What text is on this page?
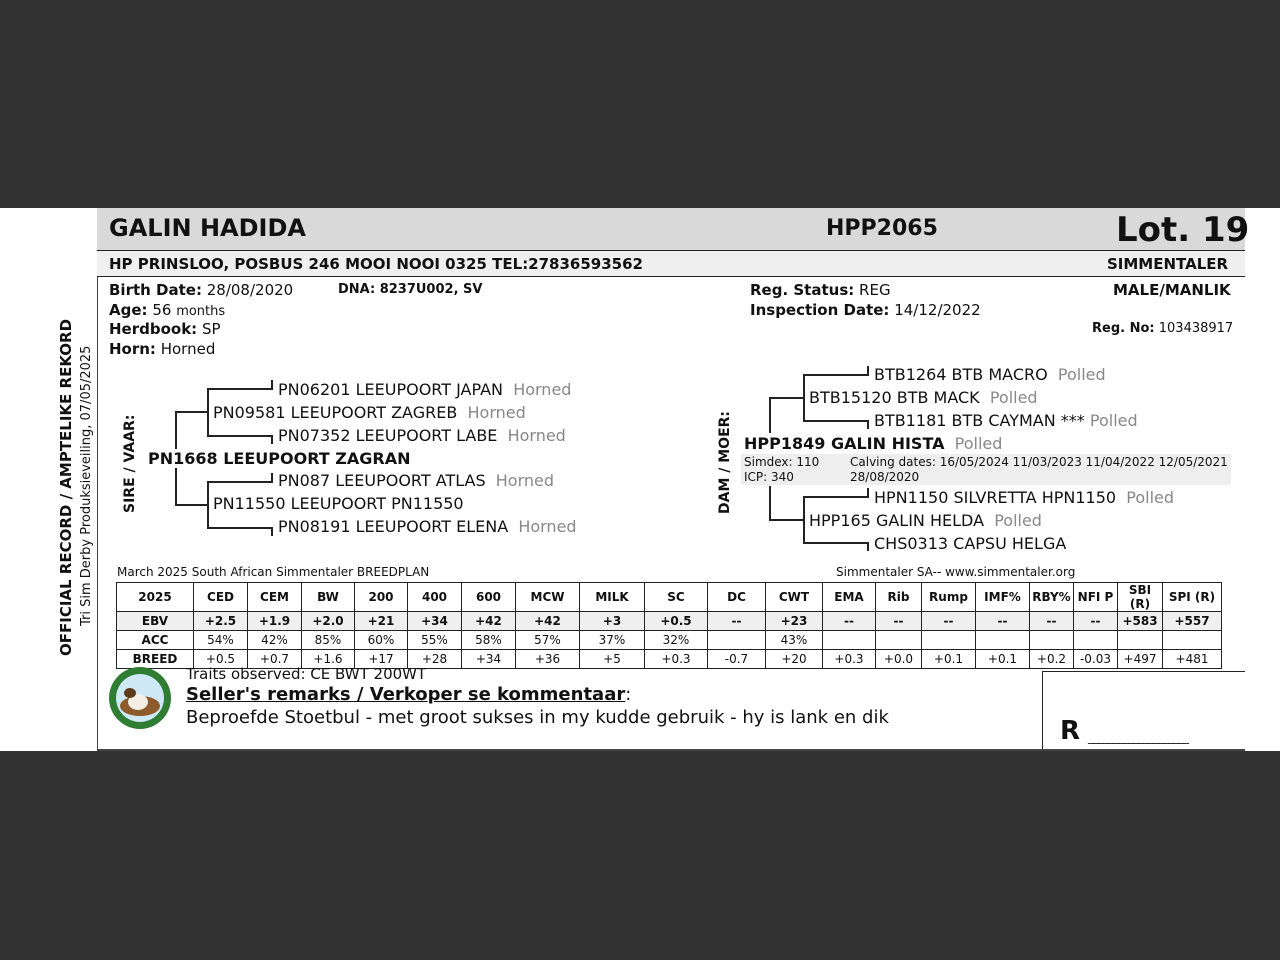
GALIN HADIDA	HPP2065	Lot. 19
HP PRINSLOO, POSBUS 246 MOOI NOOI 0325 TEL:27836593562	SIMMENTALER
Birth Date: 28/08/2020	DNA: 8237U002, SV
Age: 56 months
Herdbook: SP
Horn: Horned
Reg. Status: REG
Inspection Date: 14/12/2022
MALE/MANLIK
Reg. No: 103438917
OFFICIAL RECORD / AMPTELIKE REKORD Tri Sim Derby Produksieveiling, 07/05/2025 SIRE / VAAR:
PN06201 LEEUPOORT JAPAN Horned
PN09581 LEEUPOORT ZAGREB Horned
PN07352 LEEUPOORT LABE Horned
PN1668 LEEUPOORT ZAGRAN
PN087 LEEUPOORT ATLAS Horned
PN11550 LEEUPOORT PN11550
PN08191 LEEUPOORT ELENA Horned
DAM / MOER:
BTB1264 BTB MACRO Polled
BTB15120 BTB MACK Polled
BTB1181 BTB CAYMAN *** Polled
HPP1849 GALIN HISTA Polled
Simdex: 110
ICP: 340
Calving dates: 16/05/2024 11/03/2023 11/04/2022 12/05/2021
28/08/2020
HPN1150 SILVRETTA HPN1150 Polled
HPP165 GALIN HELDA Polled
CHS0313 CAPSU HELGA
March 2025 South African Simmentaler BREEDPLAN	Simmentaler SA-- www.simmentaler.org
2025	CED	CEM	BW	200	400	600	MCW	MILK	SC	DC	CWT	EMA	Rib	Rump	IMF%	RBY%	NFI P	SBI (R)	SPI (R)
EBV	+2.5	+1.9	+2.0	+21	+34	+42	+42	+3	+0.5	--	+23	--	--	--	--	--	--	+583	+557
ACC	54%	42%	85%	60%	55%	58%	57%	37%	32%		43%								
BREED	+0.5	+0.7	+1.6	+17	+28	+34	+36	+5	+0.3	-0.7	+20	+0.3	+0.0	+0.1	+0.1	+0.2	-0.03	+497	+481
Traits observed: CE BWT 200WT
Seller's remarks / Verkoper se kommentaar:
Beproefde Stoetbul - met groot sukses in my kudde gebruik - hy is lank en dik	R ____________________
